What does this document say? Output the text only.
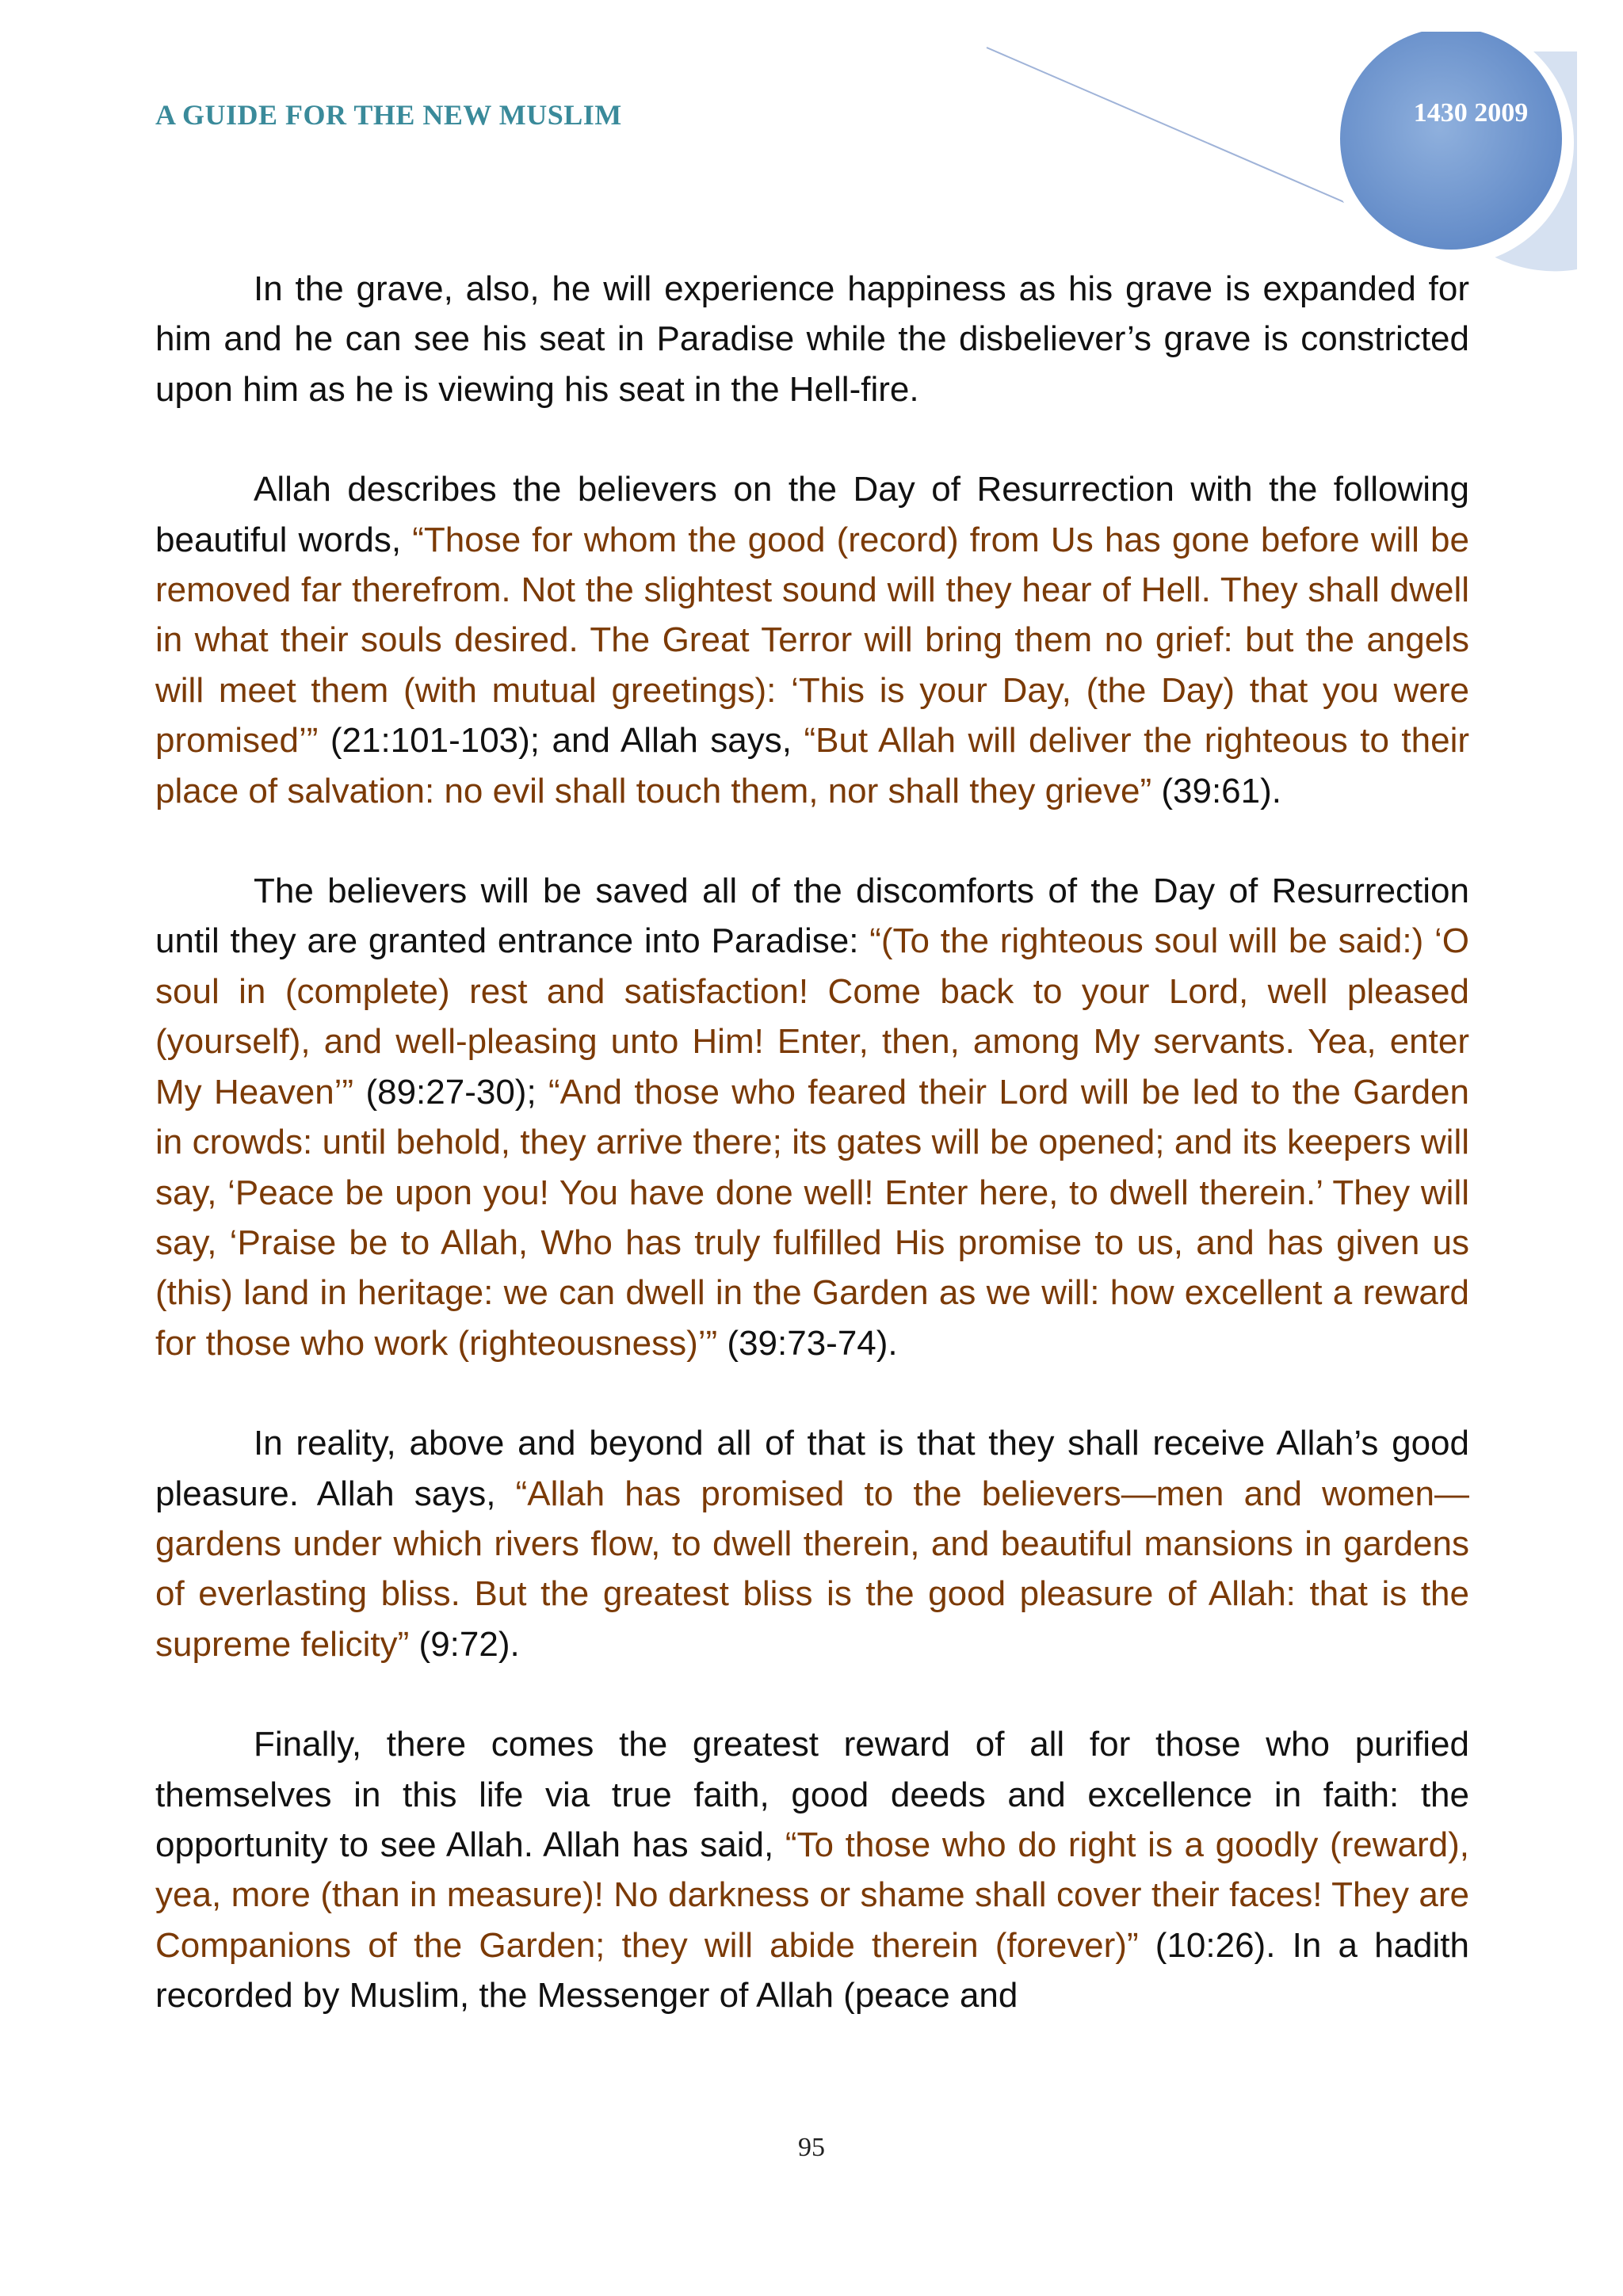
A GUIDE FOR THE NEW MUSLIM	1430 2009

In the grave, also, he will experience happiness as his grave is expanded for him and he can see his seat in Paradise while the disbeliever’s grave is constricted upon him as he is viewing his seat in the Hell-fire.

Allah describes the believers on the Day of Resurrection with the following beautiful words, “Those for whom the good (record) from Us has gone before will be removed far therefrom. Not the slightest sound will they hear of Hell. They shall dwell in what their souls desired. The Great Terror will bring them no grief: but the angels will meet them (with mutual greetings): ‘This is your Day, (the Day) that you were promised’” (21:101-103); and Allah says, “But Allah will deliver the righteous to their place of salvation: no evil shall touch them, nor shall they grieve” (39:61).

The believers will be saved all of the discomforts of the Day of Resurrection until they are granted entrance into Paradise: “(To the righteous soul will be said:) ‘O soul in (complete) rest and satisfaction! Come back to your Lord, well pleased (yourself), and well-pleasing unto Him! Enter, then, among My servants. Yea, enter My Heaven’” (89:27-30); “And those who feared their Lord will be led to the Garden in crowds: until behold, they arrive there; its gates will be opened; and its keepers will say, ‘Peace be upon you! You have done well! Enter here, to dwell therein.’ They will say, ‘Praise be to Allah, Who has truly fulfilled His promise to us, and has given us (this) land in heritage: we can dwell in the Garden as we will: how excellent a reward for those who work (righteousness)’” (39:73-74).

In reality, above and beyond all of that is that they shall receive Allah’s good pleasure. Allah says, “Allah has promised to the believers—men and women—gardens under which rivers flow, to dwell therein, and beautiful mansions in gardens of everlasting bliss. But the greatest bliss is the good pleasure of Allah: that is the supreme felicity” (9:72).

Finally, there comes the greatest reward of all for those who purified themselves in this life via true faith, good deeds and excellence in faith: the opportunity to see Allah. Allah has said, “To those who do right is a goodly (reward), yea, more (than in measure)! No darkness or shame shall cover their faces! They are Companions of the Garden; they will abide therein (forever)” (10:26). In a hadith recorded by Muslim, the Messenger of Allah (peace and

95
